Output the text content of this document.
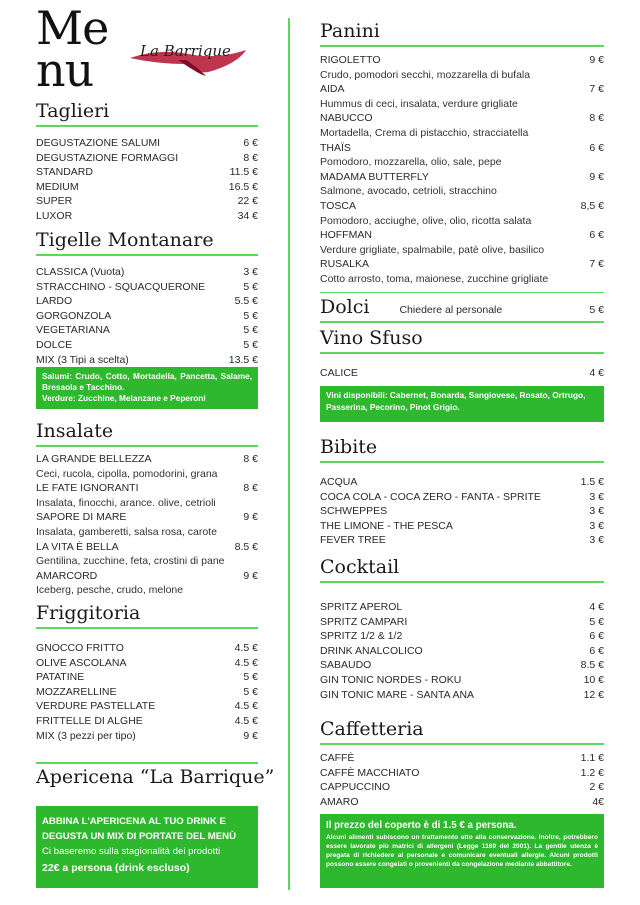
Me
nu	La Barrique
Taglieri
DEGUSTAZIONE SALUMI	6 €
DEGUSTAZIONE FORMAGGI	8 €
STANDARD	11.5 €
MEDIUM	16.5 €
SUPER	22 €
LUXOR	34 €
Tigelle Montanare
CLASSICA (Vuota)	3 €
STRACCHINO - SQUACQUERONE	5 €
LARDO	5.5 €
GORGONZOLA	5 €
VEGETARIANA	5 €
DOLCE	5 €
MIX (3 Tipi a scelta)	13.5 €
Salumi: Crudo, Cotto, Mortadella, Pancetta, Salame, Bresaola e Tacchino.
Verdure: Zucchine, Melanzane e Peperoni
Insalate
LA GRANDE BELLEZZA	8 €
Ceci, rucola, cipolla, pomodorini, grana
LE FATE IGNORANTI	8 €
Insalata, finocchi, arance. olive, cetrioli
SAPORE DI MARE	9 €
Insalata, gamberetti, salsa rosa, carote
LA VITA È BELLA	8.5 €
Gentilina, zucchine, feta, crostini di pane
AMARCORD	9 €
Iceberg, pesche, crudo, melone
Friggitoria
GNOCCO FRITTO	4.5 €
OLIVE ASCOLANA	4.5 €
PATATINE	5 €
MOZZARELLINE	5 €
VERDURE PASTELLATE	4.5 €
FRITTELLE DI ALGHE	4.5 €
MIX (3 pezzi per tipo)	9 €
Apericena “La Barrique”
ABBINA L'APERICENA AL TUO DRINK E
DEGUSTA UN MIX DI PORTATE DEL MENÙ
Ci baseremo sulla stagionalità dei prodotti
22€ a persona (drink escluso)
Panini
RIGOLETTO	9 €
Crudo, pomodori secchi, mozzarella di bufala
AIDA	7 €
Hummus di ceci, insalata, verdure grigliate
NABUCCO	8 €
Mortadella, Crema di pistacchio, stracciatella
THAÏS	6 €
Pomodoro, mozzarella, olio, sale, pepe
MADAMA BUTTERFLY	9 €
Salmone, avocado, cetrioli, stracchino
TOSCA	8,5 €
Pomodoro, acciughe, olive, olio, ricotta salata
HOFFMAN	6 €
Verdure grigliate, spalmabile, patè olive, basilico
RUSALKA	7 €
Cotto arrosto, toma, maionese, zucchine grigliate
Dolci	Chiedere al personale	5 €
Vino Sfuso
CALICE	4 €
Vini disponibili: Cabernet, Bonarda, Sangiovese, Rosato, Ortrugo, Passerina, Pecorino, Pinot Grigio.
Bibite
ACQUA	1.5 €
COCA COLA - COCA ZERO - FANTA - SPRITE	3 €
SCHWEPPES	3 €
THE LIMONE - THE PESCA	3 €
FEVER TREE	3 €
Cocktail
SPRITZ APEROL	4 €
SPRITZ CAMPARI	5 €
SPRITZ 1/2 & 1/2	6 €
DRINK ANALCOLICO	6 €
SABAUDO	8.5 €
GIN TONIC NORDES - ROKU	10 €
GIN TONIC MARE - SANTA ANA	12 €
Caffetteria
CAFFÈ	1.1 €
CAFFÈ MACCHIATO	1.2 €
CAPPUCCINO	2 €
AMARO	4€
Il prezzo del coperto è di 1.5 € a persona.
Alcuni alimenti subiscono un trattamento atto alla conservazione. Inoltre, potrebbero essere lavorate più matrici di allergeni (Legge 1169 del 2001). La gentile utenza è pregata di richiedere al personale e comunicare eventuali allergie. Alcuni prodotti possono essere congelati o provenienti da congelazione mediante abbattitore.
